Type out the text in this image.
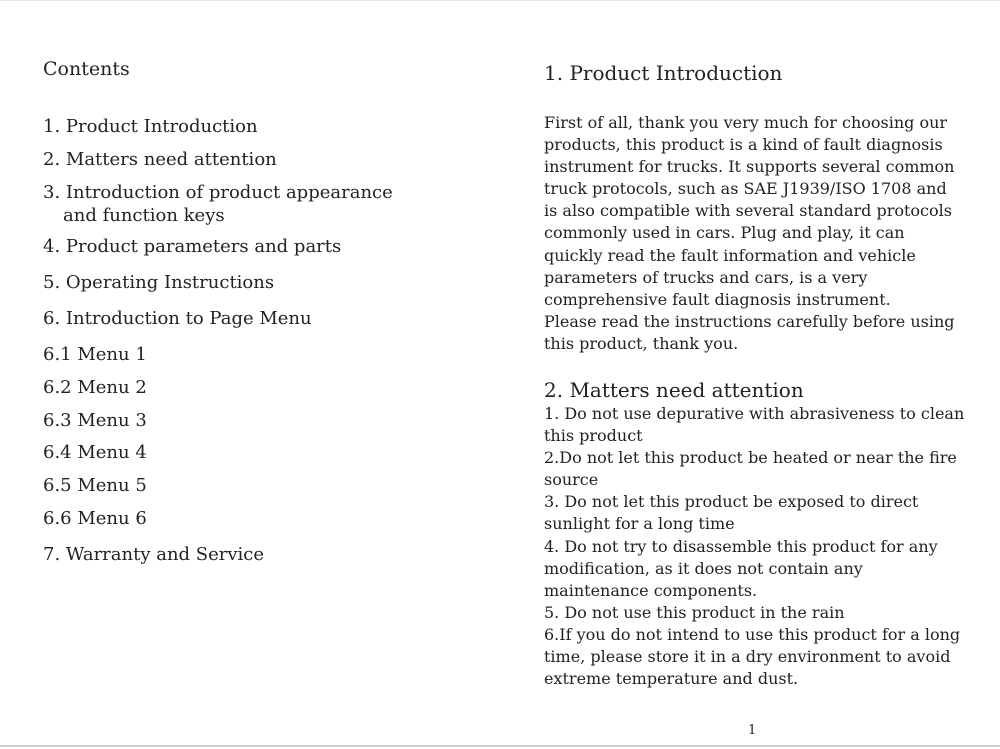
Contents
1. Product Introduction
2. Matters need attention
3. Introduction of product appearance
and function keys
4. Product parameters and parts
5. Operating Instructions
6. Introduction to Page Menu
6.1 Menu 1
6.2 Menu 2
6.3 Menu 3
6.4 Menu 4
6.5 Menu 5
6.6 Menu 6
7. Warranty and Service
1. Product Introduction
First of all, thank you very much for choosing our
products, this product is a kind of fault diagnosis
instrument for trucks. It supports several common
truck protocols, such as SAE J1939/ISO 1708 and
is also compatible with several standard protocols
commonly used in cars. Plug and play, it can
quickly read the fault information and vehicle
parameters of trucks and cars, is a very
comprehensive fault diagnosis instrument.
Please read the instructions carefully before using
this product, thank you.
2. Matters need attention
1. Do not use depurative with abrasiveness to clean
this product
2.Do not let this product be heated or near the fire
source
3. Do not let this product be exposed to direct
sunlight for a long time
4. Do not try to disassemble this product for any
modification, as it does not contain any
maintenance components.
5. Do not use this product in the rain
6.If you do not intend to use this product for a long
time, please store it in a dry environment to avoid
extreme temperature and dust.
1
